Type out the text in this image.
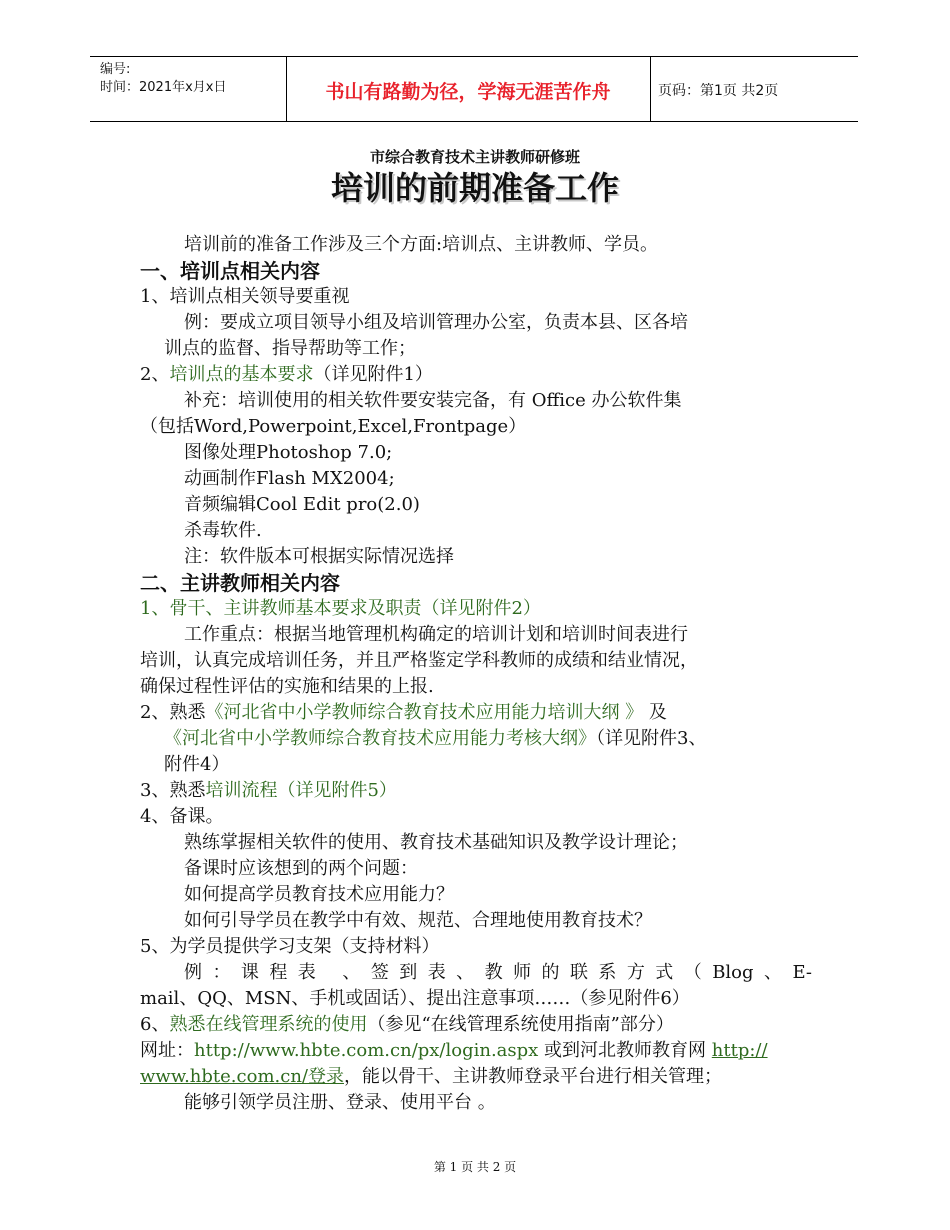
编号:
时间：2021年x月x日	书山有路勤为径，学海无涯苦作舟	页码：第1页 共2页
市综合教育技术主讲教师研修班
培训的前期准备工作

培训前的准备工作涉及三个方面:培训点、主讲教师、学员。

一、培训点相关内容

1、培训点相关领导要重视

例：要成立项目领导小组及培训管理办公室，负责本县、区各培

训点的监督、指导帮助等工作；

2、培训点的基本要求（详见附件1）

补充：培训使用的相关软件要安装完备，有 Office 办公软件集

（包括Word,Powerpoint,Excel,Frontpage）

图像处理Photoshop 7.0;

动画制作Flash MX2004;

音频编辑Cool Edit pro(2.0)

杀毒软件.

注：软件版本可根据实际情况选择

二、主讲教师相关内容

1、骨干、主讲教师基本要求及职责（详见附件2）

工作重点：根据当地管理机构确定的培训计划和培训时间表进行

培训，认真完成培训任务，并且严格鉴定学科教师的成绩和结业情况，

确保过程性评估的实施和结果的上报.

2、熟悉《河北省中小学教师综合教育技术应用能力培训大纲 》 及

《河北省中小学教师综合教育技术应用能力考核大纲》（详见附件3、

附件4）

3、熟悉培训流程（详见附件5）

4、备课。

熟练掌握相关软件的使用、教育技术基础知识及教学设计理论；

备课时应该想到的两个问题：

如何提高学员教育技术应用能力？

如何引导学员在教学中有效、规范、合理地使用教育技术？

5、为学员提供学习支架（支持材料）

例：课程表 、签到表、教师的联系方式（Blog、E-

mail、QQ、MSN、手机或固话）、提出注意事项……（参见附件6）

6、熟悉在线管理系统的使用（参见“在线管理系统使用指南”部分）

网址：http://www.hbte.com.cn/px/login.aspx 或到河北教师教育网 http://

www.hbte.com.cn/登录，能以骨干、主讲教师登录平台进行相关管理；

能够引领学员注册、登录、使用平台 。

第 1 页 共 2 页
